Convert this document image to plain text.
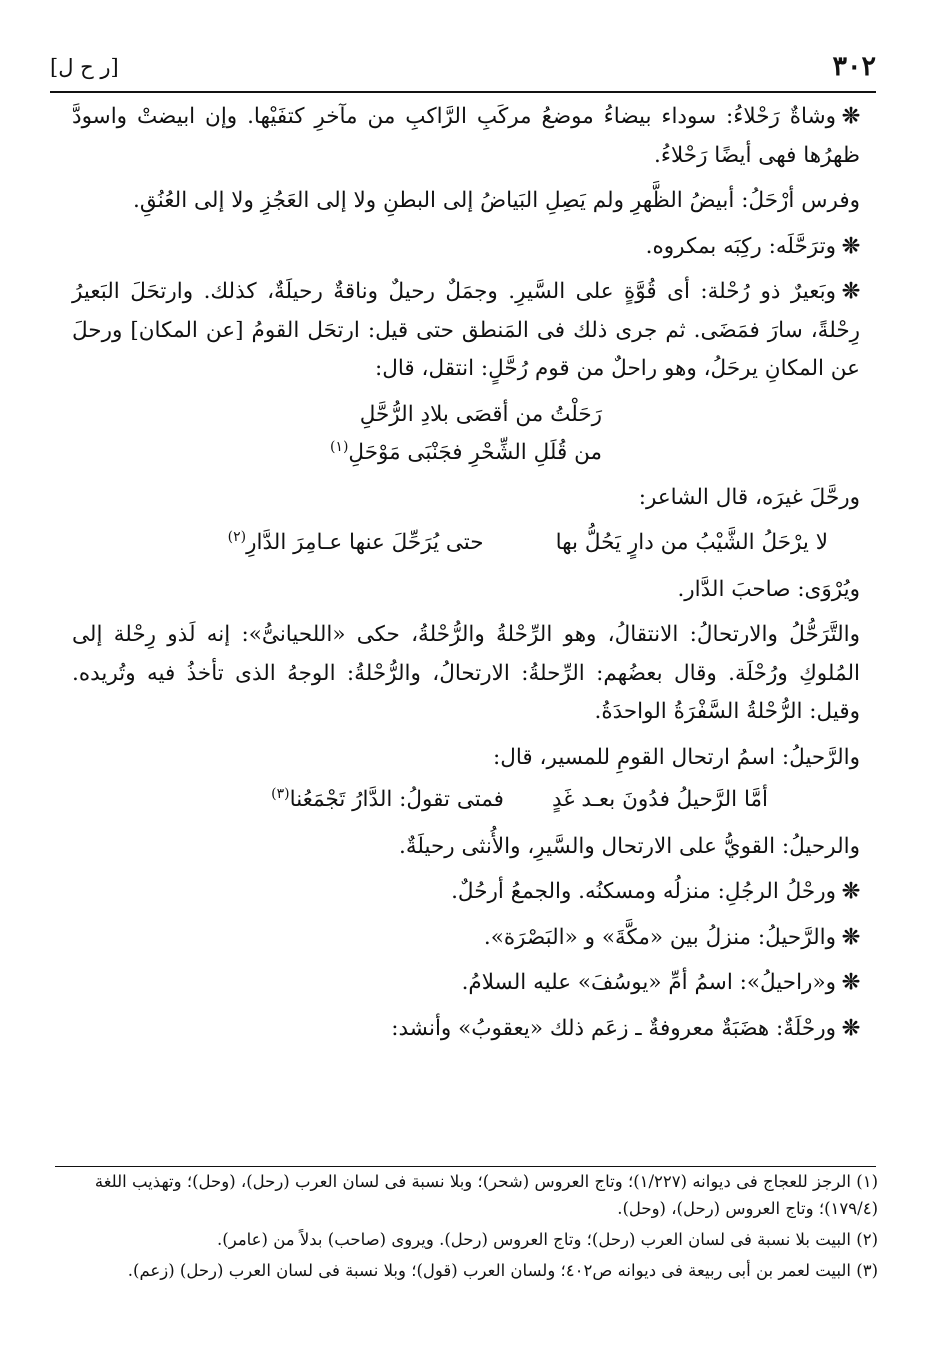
٣٠٢
[ر ح ل]

❊وشاةٌ رَحْلاءُ: سوداء بيضاءُ موضعُ مركَبِ الرَّاكبِ من مآخرِ كتفَيْها. وإن ابيضتْ واسودَّ ظهرُها فهى أيضًا رَحْلاءُ.

وفرس أرْحَلُ: أبيضُ الظَّهرِ ولم يَصِلِ البَياضُ إلى البطنِ ولا إلى العَجُزِ ولا إلى العُنُقِ.

❊وترَحَّلَه: ركِبَه بمكروه.

❊وبَعيرٌ ذو رُحْلة: أى قُوَّةٍ على السَّيرِ. وجمَلٌ رحيلٌ وناقةٌ رحيلَةٌ، كذلك. وارتحَلَ البَعيرُ رِحْلةً، سارَ فمَضَى. ثم جرى ذلك فى المَنطق حتى قيل: ارتحَل القومُ [عن المكان] ورحلَ عن المكانِ يرحَلُ، وهو راحلٌ من قوم رُحَّلٍ: انتقل، قال:

رَحَلْتُ من أقصَى بلادِ الرُّحَّلِ

من قُلَلِ الشِّحْرِ فجَنْبَى مَوْحَلِ$^{(١)}$

ورحَّلَ غيرَه، قال الشاعر:

لا يرْحَلُ الشَّيْبُ من دارٍ يَحُلُّ بها
حتى يُرَحِّلَ عنها عـامِرَ الدَّارِ$^{(٢)}$

ويُرْوَى: صاحبَ الدَّار.

والتَّرَحُّلُ والارتحالُ: الانتقالُ، وهو الرِّحْلةُ والرُّحْلةُ، حكى «اللحيانىُّ»: إنه لَذو رِحْلة إلى المُلوكِ ورُحْلَة. وقال بعضُهم: الرِّحلةُ: الارتحالُ، والرُّحْلةُ: الوجهُ الذى تأخذُ فيه وتُريده. وقيل: الرُّحْلةُ السَّفْرَةُ الواحدَةُ.

والرَّحيلُ: اسمُ ارتحال القومِ للمسير، قال:

أمَّا الرَّحيلُ فدُونَ بعـد غَدٍ
فمتى تقولُ: الدَّارُ تَجْمَعُنا$^{(٣)}$

والرحيلُ: القويُّ على الارتحال والسَّيرِ، والأُنثى رحيلَةٌ.

❊ورحْلُ الرجُلِ: منزلُه ومسكنُه. والجمعُ أرحُلٌ.

❊والرَّحيلُ: منزلُ بين «مكَّةَ» و «البَصْرَة».

❊و«راحيلُ»: اسمُ أمِّ «يوسُفَ» عليه السلامُ.

❊ورحْلَةٌ: هضَبَةٌ معروفةٌ ـ زعَم ذلك «يعقوبُ» وأنشد:

(١) الرجز للعجاج فى ديوانه (١/٢٢٧)؛ وتاج العروس (شحر)؛ وبلا نسبة فى لسان العرب (رحل)، (وحل)؛ وتهذيب اللغة (١٧٩/٤)؛ وتاج العروس (رحل)، (وحل).

(٢) البيت بلا نسبة فى لسان العرب (رحل)؛ وتاج العروس (رحل). ويروى (صاحب) بدلاً من (عامر).

(٣) البيت لعمر بن أبى ربيعة فى ديوانه ص٤٠٢؛ ولسان العرب (قول)؛ وبلا نسبة فى لسان العرب (رحل) (زعم).
